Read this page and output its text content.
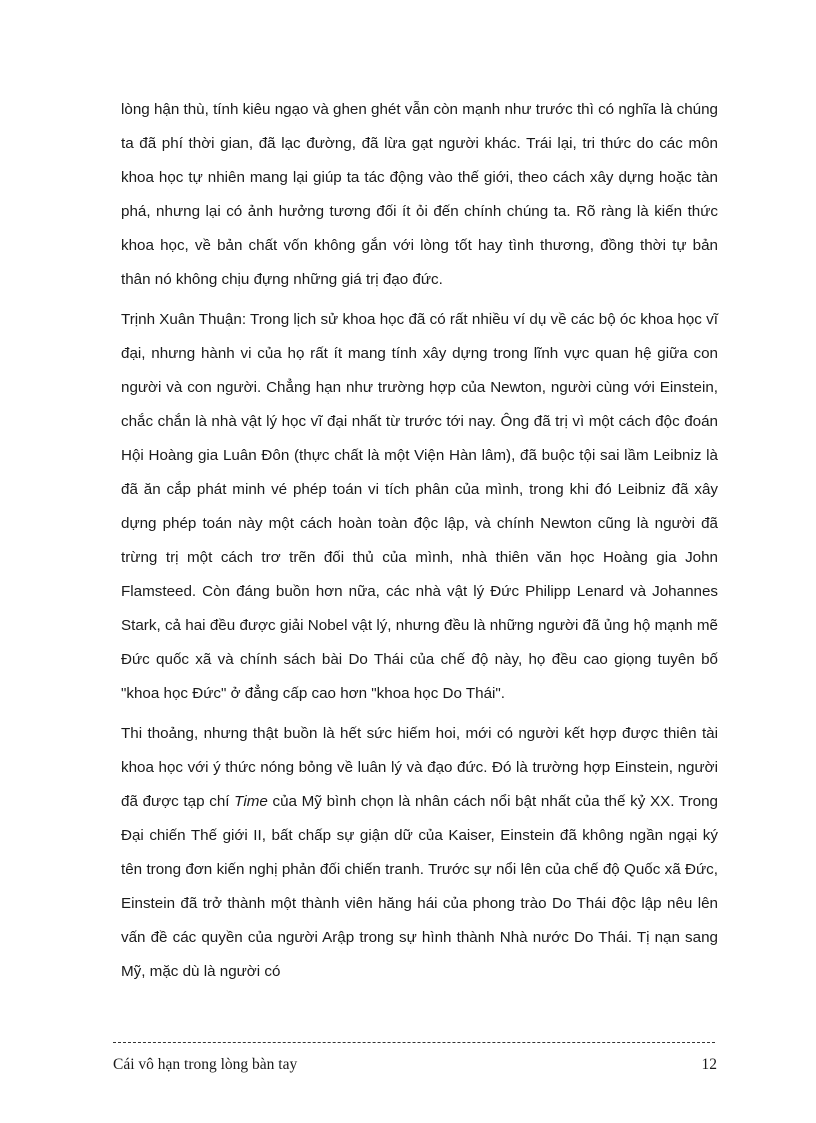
lòng hận thù, tính kiêu ngạo và ghen ghét vẫn còn mạnh như trước thì có nghĩa là chúng ta đã phí thời gian, đã lạc đường, đã lừa gạt người khác. Trái lại, tri thức do các môn khoa học tự nhiên mang lại giúp ta tác động vào thế giới, theo cách xây dựng hoặc tàn phá, nhưng lại có ảnh hưởng tương đối ít ỏi đến chính chúng ta. Rõ ràng là kiến thức khoa học, về bản chất vốn không gắn với lòng tốt hay tình thương, đồng thời tự bản thân nó không chịu đựng những giá trị đạo đức.

Trịnh Xuân Thuận: Trong lịch sử khoa học đã có rất nhiều ví dụ về các bộ óc khoa học vĩ đại, nhưng hành vi của họ rất ít mang tính xây dựng trong lĩnh vực quan hệ giữa con người và con người. Chẳng hạn như trường hợp của Newton, người cùng với Einstein, chắc chắn là nhà vật lý học vĩ đại nhất từ trước tới nay. Ông đã trị vì một cách độc đoán Hội Hoàng gia Luân Đôn (thực chất là một Viện Hàn lâm), đã buộc tội sai lầm Leibniz là đã ăn cắp phát minh vé phép toán vi tích phân của mình, trong khi đó Leibniz đã xây dựng phép toán này một cách hoàn toàn độc lập, và chính Newton cũng là người đã trừng trị một cách trơ trẽn đối thủ của mình, nhà thiên văn học Hoàng gia John Flamsteed. Còn đáng buồn hơn nữa, các nhà vật lý Đức Philipp Lenard và Johannes Stark, cả hai đều được giải Nobel vật lý, nhưng đều là những người đã ủng hộ mạnh mẽ Đức quốc xã và chính sách bài Do Thái của chế độ này, họ đều cao giọng tuyên bố "khoa học Đức" ở đẳng cấp cao hơn "khoa học Do Thái".

Thi thoảng, nhưng thật buồn là hết sức hiếm hoi, mới có người kết hợp được thiên tài khoa học với ý thức nóng bỏng về luân lý và đạo đức. Đó là trường hợp Einstein, người đã được tạp chí Time của Mỹ bình chọn là nhân cách nổi bật nhất của thế kỷ XX. Trong Đại chiến Thế giới II, bất chấp sự giận dữ của Kaiser, Einstein đã không ngần ngại ký tên trong đơn kiến nghị phản đối chiến tranh. Trước sự nổi lên của chế độ Quốc xã Đức, Einstein đã trở thành một thành viên hăng hái của phong trào Do Thái độc lập nêu lên vấn đề các quyền của người Arập trong sự hình thành Nhà nước Do Thái. Tị nạn sang Mỹ, mặc dù là người có

Cái vô hạn trong lòng bàn tay	12
